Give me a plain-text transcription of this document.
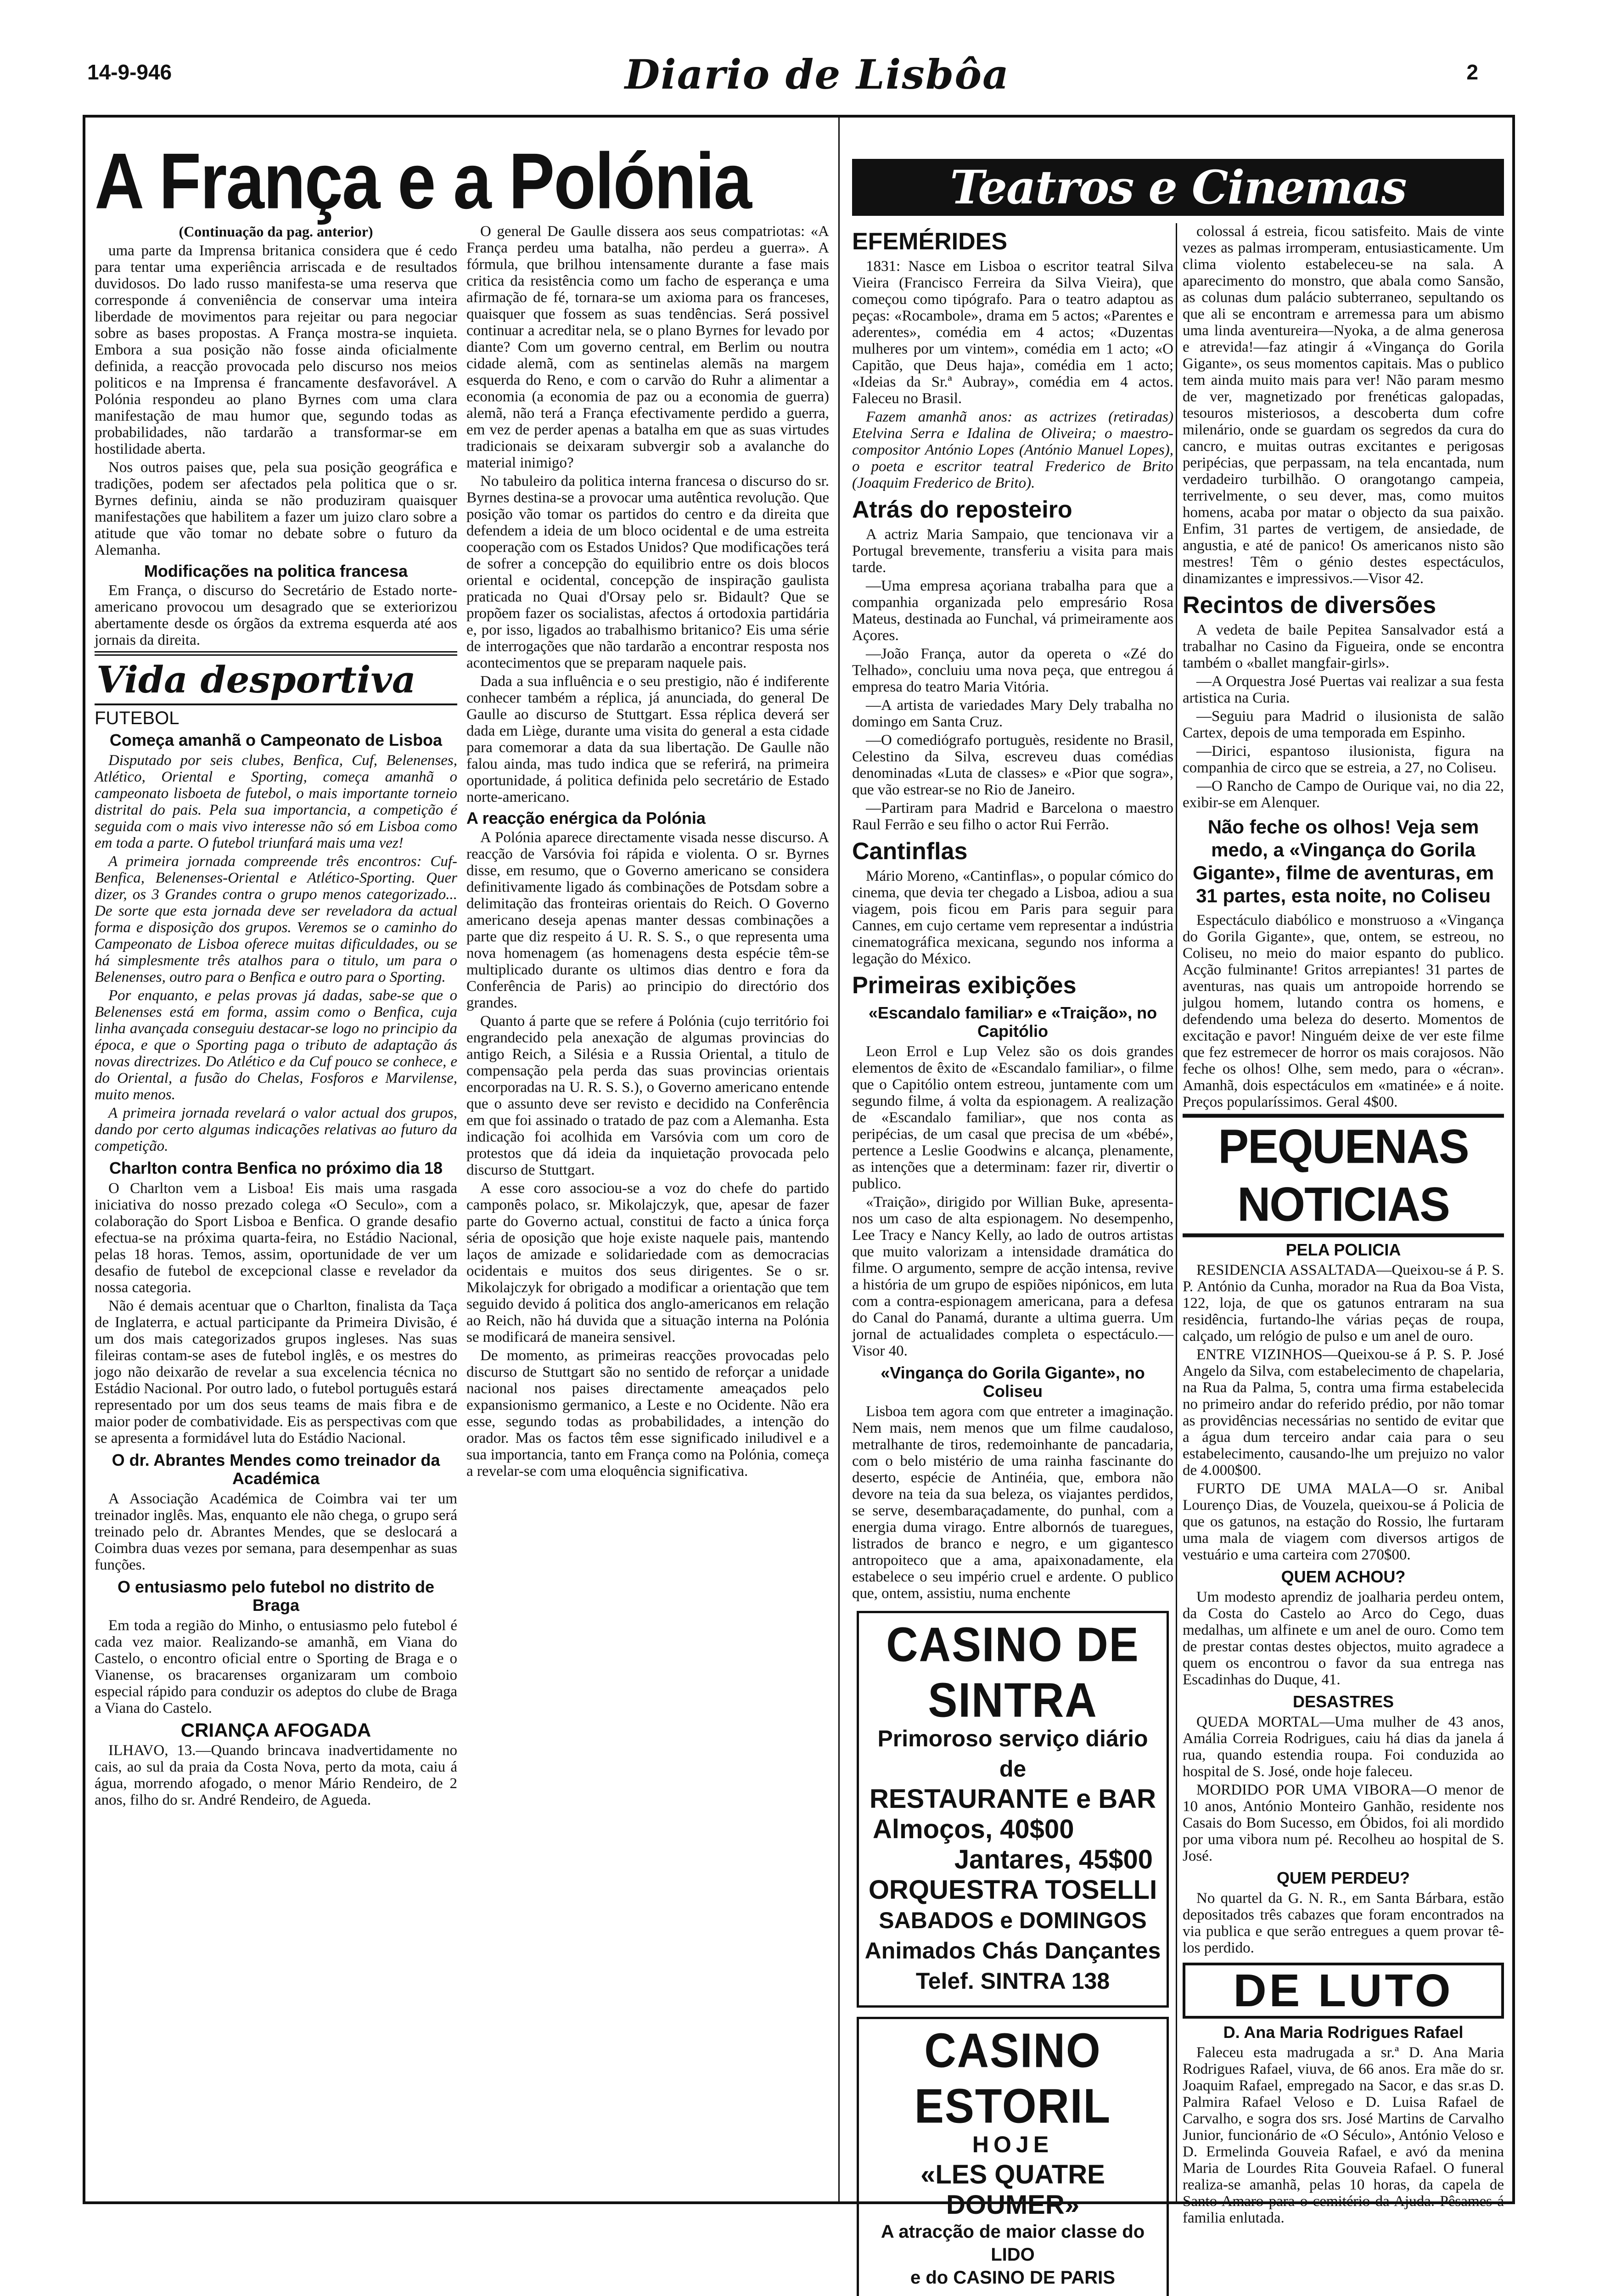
14-9-946	Diario de Lisbôa	2
A França e a Polónia
(Continuação da pag. anterior)

uma parte da Imprensa britanica considera que é cedo para tentar uma experiência arriscada e de resultados duvidosos. Do lado russo manifesta-se uma reserva que corresponde á conveniência de conservar uma inteira liberdade de movimentos para rejeitar ou para negociar sobre as bases propostas. A França mostra-se inquieta. Embora a sua posição não fosse ainda oficialmente definida, a reacção provocada pelo discurso nos meios politicos e na Imprensa é francamente desfavorável. A Polónia respondeu ao plano Byrnes com uma clara manifestação de mau humor que, segundo todas as probabilidades, não tardarão a transformar-se em hostilidade aberta.

Nos outros paises que, pela sua posição geográfica e tradições, podem ser afectados pela politica que o sr. Byrnes definiu, ainda se não produziram quaisquer manifestações que habilitem a fazer um juizo claro sobre a atitude que vão tomar no debate sobre o futuro da Alemanha.

Modificações na politica francesa

Em França, o discurso do Secretário de Estado norte-americano provocou um desagrado que se exteriorizou abertamente desde os órgãos da extrema esquerda até aos jornais da direita.

Vida desportiva
FUTEBOL
Começa amanhã o Campeonato de Lisboa

Disputado por seis clubes, Benfica, Cuf, Belenenses, Atlético, Oriental e Sporting, começa amanhã o campeonato lisboeta de futebol, o mais importante torneio distrital do pais. Pela sua importancia, a competição é seguida com o mais vivo interesse não só em Lisboa como em toda a parte. O futebol triunfará mais uma vez!

A primeira jornada compreende três encontros: Cuf-Benfica, Belenenses-Oriental e Atlético-Sporting. Quer dizer, os 3 Grandes contra o grupo menos categorizado... De sorte que esta jornada deve ser reveladora da actual forma e disposição dos grupos. Veremos se o caminho do Campeonato de Lisboa oferece muitas dificuldades, ou se há simplesmente três atalhos para o titulo, um para o Belenenses, outro para o Benfica e outro para o Sporting.

Por enquanto, e pelas provas já dadas, sabe-se que o Belenenses está em forma, assim como o Benfica, cuja linha avançada conseguiu destacar-se logo no principio da época, e que o Sporting paga o tributo de adaptação ás novas directrizes. Do Atlético e da Cuf pouco se conhece, e do Oriental, a fusão do Chelas, Fosforos e Marvilense, muito menos.

A primeira jornada revelará o valor actual dos grupos, dando por certo algumas indicações relativas ao futuro da competição.

Charlton contra Benfica no próximo dia 18

O Charlton vem a Lisboa! Eis mais uma rasgada iniciativa do nosso prezado colega «O Seculo», com a colaboração do Sport Lisboa e Benfica. O grande desafio efectua-se na próxima quarta-feira, no Estádio Nacional, pelas 18 horas. Temos, assim, oportunidade de ver um desafio de futebol de excepcional classe e revelador da nossa categoria.

Não é demais acentuar que o Charlton, finalista da Taça de Inglaterra, e actual participante da Primeira Divisão, é um dos mais categorizados grupos ingleses. Nas suas fileiras contam-se ases de futebol inglês, e os mestres do jogo não deixarão de revelar a sua excelencia técnica no Estádio Nacional. Por outro lado, o futebol português estará representado por um dos seus teams de mais fibra e de maior poder de combatividade. Eis as perspectivas com que se apresenta a formidável luta do Estádio Nacional.

O dr. Abrantes Mendes como treinador da Académica

A Associação Académica de Coimbra vai ter um treinador inglês. Mas, enquanto ele não chega, o grupo será treinado pelo dr. Abrantes Mendes, que se deslocará a Coimbra duas vezes por semana, para desempenhar as suas funções.

O entusiasmo pelo futebol no distrito de Braga

Em toda a região do Minho, o entusiasmo pelo futebol é cada vez maior. Realizando-se amanhã, em Viana do Castelo, o encontro oficial entre o Sporting de Braga e o Vianense, os bracarenses organizaram um comboio especial rápido para conduzir os adeptos do clube de Braga a Viana do Castelo.

CRIANÇA AFOGADA

ILHAVO, 13.—Quando brincava inadvertidamente no cais, ao sul da praia da Costa Nova, perto da mota, caiu á água, morrendo afogado, o menor Mário Rendeiro, de 2 anos, filho do sr. André Rendeiro, de Agueda.

O general De Gaulle dissera aos seus compatriotas: «A França perdeu uma batalha, não perdeu a guerra». A fórmula, que brilhou intensamente durante a fase mais critica da resistência como um facho de esperança e uma afirmação de fé, tornara-se um axioma para os franceses, quaisquer que fossem as suas tendências. Será possivel continuar a acreditar nela, se o plano Byrnes for levado por diante? Com um governo central, em Berlim ou noutra cidade alemã, com as sentinelas alemãs na margem esquerda do Reno, e com o carvão do Ruhr a alimentar a economia (a economia de paz ou a economia de guerra) alemã, não terá a França efectivamente perdido a guerra, em vez de perder apenas a batalha em que as suas virtudes tradicionais se deixaram subvergir sob a avalanche do material inimigo?

No tabuleiro da politica interna francesa o discurso do sr. Byrnes destina-se a provocar uma autêntica revolução. Que posição vão tomar os partidos do centro e da direita que defendem a ideia de um bloco ocidental e de uma estreita cooperação com os Estados Unidos? Que modificações terá de sofrer a concepção do equilibrio entre os dois blocos oriental e ocidental, concepção de inspiração gaulista praticada no Quai d'Orsay pelo sr. Bidault? Que se propõem fazer os socialistas, afectos á ortodoxia partidária e, por isso, ligados ao trabalhismo britanico? Eis uma série de interrogações que não tardarão a encontrar resposta nos acontecimentos que se preparam naquele pais.

Dada a sua influência e o seu prestigio, não é indiferente conhecer também a réplica, já anunciada, do general De Gaulle ao discurso de Stuttgart. Essa réplica deverá ser dada em Liège, durante uma visita do general a esta cidade para comemorar a data da sua libertação. De Gaulle não falou ainda, mas tudo indica que se referirá, na primeira oportunidade, á politica definida pelo secretário de Estado norte-americano.

A reacção enérgica da Polónia

A Polónia aparece directamente visada nesse discurso. A reacção de Varsóvia foi rápida e violenta. O sr. Byrnes disse, em resumo, que o Governo americano se considera definitivamente ligado ás combinações de Potsdam sobre a delimitação das fronteiras orientais do Reich. O Governo americano deseja apenas manter dessas combinações a parte que diz respeito á U. R. S. S., o que representa uma nova homenagem (as homenagens desta espécie têm-se multiplicado durante os ultimos dias dentro e fora da Conferência de Paris) ao principio do directório dos grandes.

Quanto á parte que se refere á Polónia (cujo território foi engrandecido pela anexação de algumas provincias do antigo Reich, a Silésia e a Russia Oriental, a titulo de compensação pela perda das suas provincias orientais encorporadas na U. R. S. S.), o Governo americano entende que o assunto deve ser revisto e decidido na Conferência em que foi assinado o tratado de paz com a Alemanha. Esta indicação foi acolhida em Varsóvia com um coro de protestos que dá ideia da inquietação provocada pelo discurso de Stuttgart.

A esse coro associou-se a voz do chefe do partido camponês polaco, sr. Mikolajczyk, que, apesar de fazer parte do Governo actual, constitui de facto a única força séria de oposição que hoje existe naquele pais, mantendo laços de amizade e solidariedade com as democracias ocidentais e muitos dos seus dirigentes. Se o sr. Mikolajczyk for obrigado a modificar a orientação que tem seguido devido á politica dos anglo-americanos em relação ao Reich, não há duvida que a situação interna na Polónia se modificará de maneira sensivel.

De momento, as primeiras reacções provocadas pelo discurso de Stuttgart são no sentido de reforçar a unidade nacional nos paises directamente ameaçados pelo expansionismo germanico, a Leste e no Ocidente. Não era esse, segundo todas as probabilidades, a intenção do orador. Mas os factos têm esse significado iniludivel e a sua importancia, tanto em França como na Polónia, começa a revelar-se com uma eloquência significativa.

Teatros e Cinemas
EFEMÉRIDES

1831: Nasce em Lisboa o escritor teatral Silva Vieira (Francisco Ferreira da Silva Vieira), que começou como tipógrafo. Para o teatro adaptou as peças: «Rocambole», drama em 5 actos; «Parentes e aderentes», comédia em 4 actos; «Duzentas mulheres por um vintem», comédia em 1 acto; «O Capitão, que Deus haja», comédia em 1 acto; «Ideias da Sr.ª Aubray», comédia em 4 actos. Faleceu no Brasil.

Fazem amanhã anos: as actrizes (retiradas) Etelvina Serra e Idalina de Oliveira; o maestro-compositor António Lopes (António Manuel Lopes), o poeta e escritor teatral Frederico de Brito (Joaquim Frederico de Brito).

Atrás do reposteiro

A actriz Maria Sampaio, que tencionava vir a Portugal brevemente, transferiu a visita para mais tarde.

—Uma empresa açoriana trabalha para que a companhia organizada pelo empresário Rosa Mateus, destinada ao Funchal, vá primeiramente aos Açores.

—João França, autor da opereta o «Zé do Telhado», concluiu uma nova peça, que entregou á empresa do teatro Maria Vitória.

—A artista de variedades Mary Dely trabalha no domingo em Santa Cruz.

—O comediógrafo portuguès, residente no Brasil, Celestino da Silva, escreveu duas comédias denominadas «Luta de classes» e «Pior que sogra», que vão estrear-se no Rio de Janeiro.

—Partiram para Madrid e Barcelona o maestro Raul Ferrão e seu filho o actor Rui Ferrão.

Cantinflas

Mário Moreno, «Cantinflas», o popular cómico do cinema, que devia ter chegado a Lisboa, adiou a sua viagem, pois ficou em Paris para seguir para Cannes, em cujo certame vem representar a indústria cinematográfica mexicana, segundo nos informa a legação do México.

Primeiras exibições
«Escandalo familiar» e «Traição», no Capitólio

Leon Errol e Lup Velez são os dois grandes elementos de êxito de «Escandalo familiar», o filme que o Capitólio ontem estreou, juntamente com um segundo filme, á volta da espionagem. A realização de «Escandalo familiar», que nos conta as peripécias, de um casal que precisa de um «bébé», pertence a Leslie Goodwins e alcança, plenamente, as intenções que a determinam: fazer rir, divertir o publico.

«Traição», dirigido por Willian Buke, apresenta-nos um caso de alta espionagem. No desempenho, Lee Tracy e Nancy Kelly, ao lado de outros artistas que muito valorizam a intensidade dramática do filme. O argumento, sempre de acção intensa, revive a história de um grupo de espiões nipónicos, em luta com a contra-espionagem americana, para a defesa do Canal do Panamá, durante a ultima guerra. Um jornal de actualidades completa o espectáculo.—Visor 40.

«Vingança do Gorila Gigante», no Coliseu

Lisboa tem agora com que entreter a imaginação. Nem mais, nem menos que um filme caudaloso, metralhante de tiros, redemoinhante de pancadaria, com o belo mistério de uma rainha fascinante do deserto, espécie de Antinéia, que, embora não devore na teia da sua beleza, os viajantes perdidos, se serve, desembaraçadamente, do punhal, com a energia duma virago. Entre albornós de tuaregues, listrados de branco e negro, e um gigantesco antropoiteco que a ama, apaixonadamente, ela estabelece o seu império cruel e ardente. O publico que, ontem, assistiu, numa enchente

CASINO DE SINTRA
Primoroso serviço diário de
RESTAURANTE e BAR
Almoços, 40$00
Jantares, 45$00
ORQUESTRA TOSELLI
SABADOS e DOMINGOS
Animados Chás Dançantes
Telef. SINTRA 138
CASINO ESTORIL
HOJE
«LES QUATRE DOUMER»
A atracção de maior classe do LIDO
e do CASINO DE PARIS

colossal á estreia, ficou satisfeito. Mais de vinte vezes as palmas irromperam, entusiasticamente. Um clima violento estabeleceu-se na sala. A aparecimento do monstro, que abala como Sansão, as colunas dum palácio subterraneo, sepultando os que ali se encontram e arremessa para um abismo uma linda aventureira—Nyoka, a de alma generosa e atrevida!—faz atingir á «Vingança do Gorila Gigante», os seus momentos capitais. Mas o publico tem ainda muito mais para ver! Não param mesmo de ver, magnetizado por frenéticas galopadas, tesouros misteriosos, a descoberta dum cofre milenário, onde se guardam os segredos da cura do cancro, e muitas outras excitantes e perigosas peripécias, que perpassam, na tela encantada, num verdadeiro turbilhão. O orangotango campeia, terrivelmente, o seu dever, mas, como muitos homens, acaba por matar o objecto da sua paixão. Enfim, 31 partes de vertigem, de ansiedade, de angustia, e até de panico! Os americanos nisto são mestres! Têm o génio destes espectáculos, dinamizantes e impressivos.—Visor 42.

Recintos de diversões

A vedeta de baile Pepitea Sansalvador está a trabalhar no Casino da Figueira, onde se encontra também o «ballet mangfair-girls».

—A Orquestra José Puertas vai realizar a sua festa artistica na Curia.

—Seguiu para Madrid o ilusionista de salão Cartex, depois de uma temporada em Espinho.

—Dirici, espantoso ilusionista, figura na companhia de circo que se estreia, a 27, no Coliseu.

—O Rancho de Campo de Ourique vai, no dia 22, exibir-se em Alenquer.

Não feche os olhos! Veja sem medo, a «Vingança do Gorila Gigante», filme de aventuras, em 31 partes, esta noite, no Coliseu

Espectáculo diabólico e monstruoso a «Vingança do Gorila Gigante», que, ontem, se estreou, no Coliseu, no meio do maior espanto do publico. Acção fulminante! Gritos arrepiantes! 31 partes de aventuras, nas quais um antropoide horrendo se julgou homem, lutando contra os homens, e defendendo uma beleza do deserto. Momentos de excitação e pavor! Ninguém deixe de ver este filme que fez estremecer de horror os mais corajosos. Não feche os olhos! Olhe, sem medo, para o «écran». Amanhã, dois espectáculos em «matinée» e á noite. Preços popularíssimos. Geral 4$00.

PEQUENAS NOTICIAS
PELA POLICIA

RESIDENCIA ASSALTADA—Queixou-se á P. S. P. António da Cunha, morador na Rua da Boa Vista, 122, loja, de que os gatunos entraram na sua residência, furtando-lhe várias peças de roupa, calçado, um relógio de pulso e um anel de ouro.

ENTRE VIZINHOS—Queixou-se á P. S. P. José Angelo da Silva, com estabelecimento de chapelaria, na Rua da Palma, 5, contra uma firma estabelecida no primeiro andar do referido prédio, por não tomar as providências necessárias no sentido de evitar que a água dum terceiro andar caia para o seu estabelecimento, causando-lhe um prejuizo no valor de 4.000$00.

FURTO DE UMA MALA—O sr. Anibal Lourenço Dias, de Vouzela, queixou-se á Policia de que os gatunos, na estação do Rossio, lhe furtaram uma mala de viagem com diversos artigos de vestuário e uma carteira com 270$00.

QUEM ACHOU?

Um modesto aprendiz de joalharia perdeu ontem, da Costa do Castelo ao Arco do Cego, duas medalhas, um alfinete e um anel de ouro. Como tem de prestar contas destes objectos, muito agradece a quem os encontrou o favor da sua entrega nas Escadinhas do Duque, 41.

DESASTRES

QUEDA MORTAL—Uma mulher de 43 anos, Amália Correia Rodrigues, caiu há dias da janela á rua, quando estendia roupa. Foi conduzida ao hospital de S. José, onde hoje faleceu.

MORDIDO POR UMA VIBORA—O menor de 10 anos, António Monteiro Ganhão, residente nos Casais do Bom Sucesso, em Óbidos, foi ali mordido por uma vibora num pé. Recolheu ao hospital de S. José.

QUEM PERDEU?

No quartel da G. N. R., em Santa Bárbara, estão depositados três cabazes que foram encontrados na via publica e que serão entregues a quem provar tê-los perdido.

DE LUTO
D. Ana Maria Rodrigues Rafael

Faleceu esta madrugada a sr.ª D. Ana Maria Rodrigues Rafael, viuva, de 66 anos. Era mãe do sr. Joaquim Rafael, empregado na Sacor, e das sr.as D. Palmira Rafael Veloso e D. Luisa Rafael de Carvalho, e sogra dos srs. José Martins de Carvalho Junior, funcionário de «O Século», António Veloso e D. Ermelinda Gouveia Rafael, e avó da menina Maria de Lourdes Rita Gouveia Rafael. O funeral realiza-se amanhã, pelas 10 horas, da capela de Santo Amaro para o cemitério da Ajuda. Pêsames á familia enlutada.
